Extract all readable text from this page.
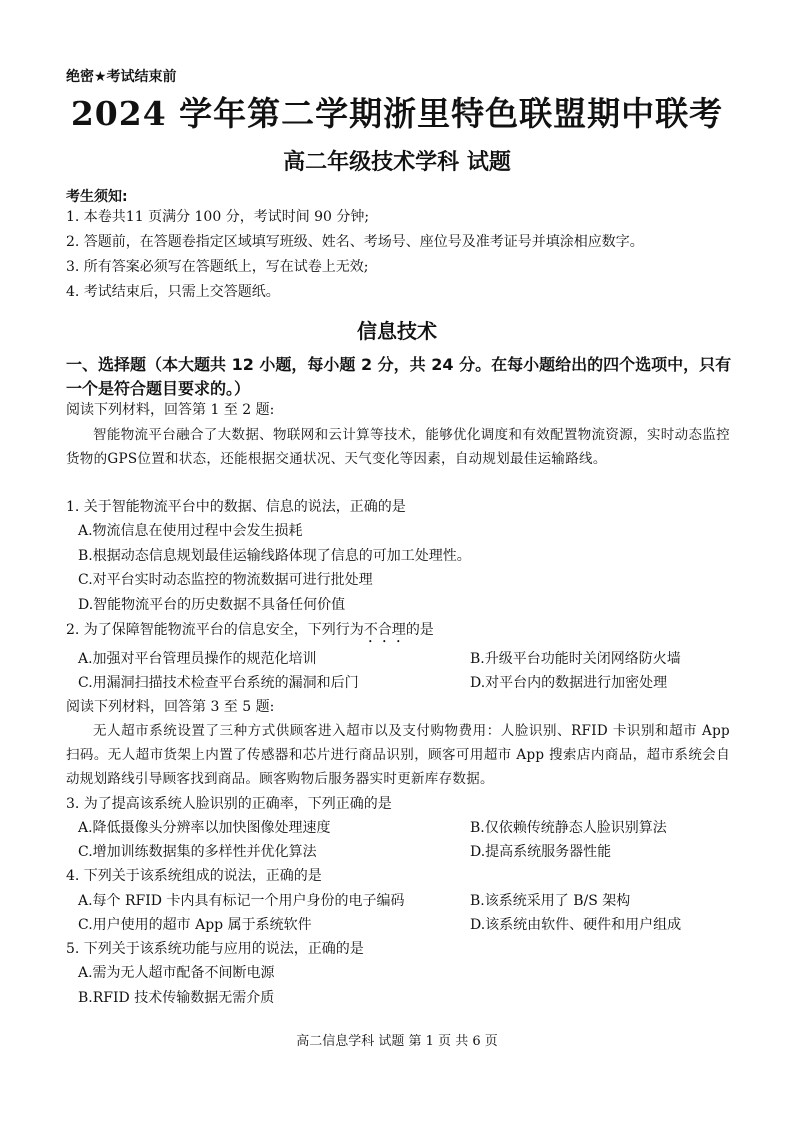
绝密★考试结束前
2024 学年第二学期浙里特色联盟期中联考
高二年级技术学科 试题
考生须知:
1. 本卷共11 页满分 100 分，考试时间 90 分钟;
2. 答题前，在答题卷指定区域填写班级、姓名、考场号、座位号及准考证号并填涂相应数字。
3. 所有答案必须写在答题纸上，写在试卷上无效;
4. 考试结束后，只需上交答题纸。
信息技术
一、选择题（本大题共 12 小题，每小题 2 分，共 24 分。在每小题给出的四个选项中，只有一个是符合题目要求的。）
阅读下列材料，回答第 1 至 2 题:
智能物流平台融合了大数据、物联网和云计算等技术，能够优化调度和有效配置物流资源，实时动态监控货物的GPS位置和状态，还能根据交通状况、天气变化等因素，自动规划最佳运输路线。
1. 关于智能物流平台中的数据、信息的说法，正确的是
A.物流信息在使用过程中会发生损耗
B.根据动态信息规划最佳运输线路体现了信息的可加工处理性。
C.对平台实时动态监控的物流数据可进行批处理
D.智能物流平台的历史数据不具备任何价值
2. 为了保障智能物流平台的信息安全，下列行为不合理的是
A.加强对平台管理员操作的规范化培训	B.升级平台功能时关闭网络防火墙
C.用漏洞扫描技术检查平台系统的漏洞和后门	D.对平台内的数据进行加密处理
阅读下列材料，回答第 3 至 5 题:
无人超市系统设置了三种方式供顾客进入超市以及支付购物费用：人脸识别、RFID 卡识别和超市 App 扫码。无人超市货架上内置了传感器和芯片进行商品识别，顾客可用超市 App 搜索店内商品，超市系统会自动规划路线引导顾客找到商品。顾客购物后服务器实时更新库存数据。
3. 为了提高该系统人脸识别的正确率，下列正确的是
A.降低摄像头分辨率以加快图像处理速度	B.仅依赖传统静态人脸识别算法
C.增加训练数据集的多样性并优化算法	D.提高系统服务器性能
4. 下列关于该系统组成的说法，正确的是
A.每个 RFID 卡内具有标记一个用户身份的电子编码	B.该系统采用了 B/S 架构
C.用户使用的超市 App 属于系统软件	D.该系统由软件、硬件和用户组成
5. 下列关于该系统功能与应用的说法，正确的是
A.需为无人超市配备不间断电源
B.RFID 技术传输数据无需介质
高二信息学科 试题 第 1 页 共 6 页
